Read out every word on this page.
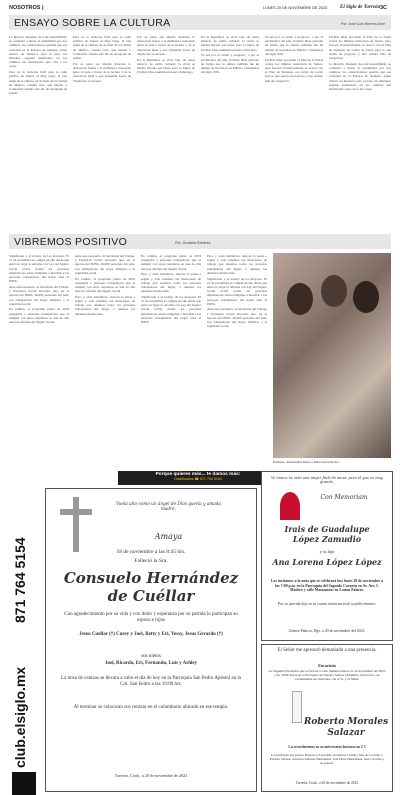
NOSOTROS |	LUNES 20 DE NOVIEMBRE DE 2023	El Siglo de Torreón 3C
ENSAYO SOBRE LA CULTURA	Por: José Luis Herrera Arce

La historia. Después de toda inestabilidad, se comenzó a llevar la estabilidad por dos caminos, los conservadores querían que esa sociedad en el Europa de siempre, quien obtuvo un monarca para el país, los liberales, seguían insistiendo en los caminos ese monárquico que crea a las cosas.

Pero no lo hicieron fácil para la culta política de Juárez ni muy larga, ni una suma de la cultura, en su final de la Ciudad de México, cuando tuvo que dejarlo a Comonfort cuando este dio un autogolpe de estado.

Pero no lo hicieron fácil para la culta política de Juárez ni muy larga, ni una suma de la cultura, en su final de la Ciudad de México, cuando tuvo que dejarlo a Comonfort cuando este dio un autogolpe de estado.

Por su parte sus ideales liberales lo destacaron fuerte a la militancia, buscando guiar al país a través de la lectura y de la educación ideal y que Sebastián Lerdo de Tejada fue su sucesor.

Por su parte sus ideales liberales lo destacaron fuerte a la militancia, buscando guiar al país a través de la lectura y de la educación ideal y que Sebastián Lerdo de Tejada fue su sucesor.

En la República se vivía bajo un tenaz silencio de exilio cultural; la crisis se habían llevado sus ideas, pero la figura de Porfirio Díaz asumiría un nuevo liderazgo.

En la República se vivía bajo un tenaz silencio de exilio cultural; la crisis se habían llevado sus ideas, pero la figura de Porfirio Díaz asumiría un nuevo liderazgo.

Ya sea por el 'orden y progreso', o por el pacificador del país, Porfirio Díaz gobernó de forma que la cultura también fue un tiempo de inversión en México a mediados del siglo XIX.

Ya sea por el 'orden y progreso', o por el pacificador del país, Porfirio Díaz gobernó de forma que la cultura también fue un tiempo de inversión en México a mediados del siglo XIX.

Porfirio Díaz proclamó el Plan de la Noria contra los últimos reelección de Juárez, pero fracasó. Posteriormente, se acercó con el Plan de Tuxtepec en contra de Lerdo para lo que serían su proyecto y una cultura más de ocupación.

Porfirio Díaz proclamó el Plan de la Noria contra los últimos reelección de Juárez, pero fracasó. Posteriormente, se acercó con el Plan de Tuxtepec en contra de Lerdo para lo que serían su proyecto y una cultura más de ocupación.

La historia. Después de toda inestabilidad, se comenzó a llevar la estabilidad por dos caminos, los conservadores querían que esa sociedad en el Europa de siempre, quien obtuvo un monarca para el país, los liberales, seguían insistiendo en los caminos ese monárquico que crea a las cosas.

VIBREMOS POSITIVO	Por: Graciela Ramírez

Significado y el trabajo de los mayores. El 21 de noviembre se cumple un año desde que entró en vigor la reforma a la Ley del Seguro Social (LSS) donde las personas empleadoras están obligadas a inscribir a las personas trabajadoras del hogar ante el IMSS.

Ante este escenario, la Secretaría del Trabajo y Previsión Social encontró que, en el reporte del IMSS, 46,000 personas del país, son trabajadores del hogar afiliados a la seguridad social.

En cambio, el programa piloto de 2019 aseguraba a personas trabajadoras que al cumplir con estos requisitos se dan de alta ante las oficinas del Seguro Social.

Ante este escenario, la Secretaría del Trabajo y Previsión Social encontró que, en el reporte del IMSS, 46,000 personas del país, son trabajadores del hogar afiliados a la seguridad social.

En cambio, el programa piloto de 2019 aseguraba a personas trabajadoras que al cumplir con estos requisitos se dan de alta ante las oficinas del Seguro Social.

Esto, y otras iniciativas, marcan la pauta a seguir y sólo tenemos las situaciones de trabajo que tenemos todos los personas trabajadoras del hogar, a quienes les debemos mucho más.

En cambio, el programa piloto de 2019 aseguraba a personas trabajadoras que al cumplir con estos requisitos se dan de alta ante las oficinas del Seguro Social.

Esto, y otras iniciativas, marcan la pauta a seguir y sólo tenemos las situaciones de trabajo que tenemos todos los personas trabajadoras del hogar, a quienes les debemos mucho más.

Significado y el trabajo de los mayores. El 21 de noviembre se cumple un año desde que entró en vigor la reforma a la Ley del Seguro Social (LSS) donde las personas empleadoras están obligadas a inscribir a las personas trabajadoras del hogar ante el IMSS.

Esto, y otras iniciativas, marcan la pauta a seguir y sólo tenemos las situaciones de trabajo que tenemos todos los personas trabajadoras del hogar, a quienes les debemos mucho más.

Significado y el trabajo de los mayores. El 21 de noviembre se cumple un año desde que entró en vigor la reforma a la Ley del Seguro Social (LSS) donde las personas empleadoras están obligadas a inscribir a las personas trabajadoras del hogar ante el IMSS.

Ante este escenario, la Secretaría del Trabajo y Previsión Social encontró que, en el reporte del IMSS, 46,000 personas del país, son trabajadores del hogar afiliados a la seguridad social.

Pamelero, Mansanillas Reyes y Maria Pérez-Rocha.
Porque quieres más... te damos más:
Clasificados ☎ 871 764 5154
871 764 5154
club.elsiglo.mx
Vuela alto como un ángel de Dios quería y amada madre.
Amaya
18 de noviembre a las 8:45 hrs.
Falleció la Sra.
Consuelo Hernández de Cuéllar
Con agradecimiento por su vida y con dolor y esperanza por su partida lo participan su esposo e hijos
Jesus Cuellar (†) Corey y Joel, Betty y Eri, Yessy, Jesus Gerardo (†)
sus nietos
Joel, Ricardo, Eri, Fernando, Luis y Ashley
La misa de cenizas se llevara a cabo el día de hoy en la Parroquia San Pedro Apóstol en la Col. San Isidro a las 19:00 hrs.
Al terminar se colocaran sus cenizas en el columbario ubicado en ese templo.
Torreón, Coah., a 20 de noviembre de 2023
Yo nunca he sido una mujer fácil de amar, pero el que es muy grande.
Con Memoriam
Irais de Guadalupe López Zamudio
y su hijo
Ana Lorena López López
Los invitamos a la misa que se celebrará hoy lunes 20 de noviembre a las 7:00 p.m. en la Parroquia del Sagrado Corazón en Av. Ave. I. Madero y calle Matamoros en Lomas Palacio.
Por su querida hija en su cuarto aniversario de su fallecimiento.
Gómez Palacio, Dgo. a 20 de noviembre del 2023.
El Señor me apresuró demasiado a una presencia.
Eucaristía
La Segunda Eucaristía que se llevará a cabo mañana martes 21 de noviembre del 2023 a las 19:00 horas en la Parroquia de Nuestra Señora Chiquitita, Para favor cae cordialmente ser invitados con el Sr. y al Señor.
Roberto Morales Salazar
La recordaremos en su aniversario luctuoso no 2 3
Le participan sus padres Roberto e Leopoldo, hermanos: Arturo, Ma. de Lourdes y Fabiola Salazar, sobrinos Antonio Hernández, Joel Pérez Hernández, Ana Carolina y su esposo.
Torreón, Coah., a 20 de noviembre de 2023
